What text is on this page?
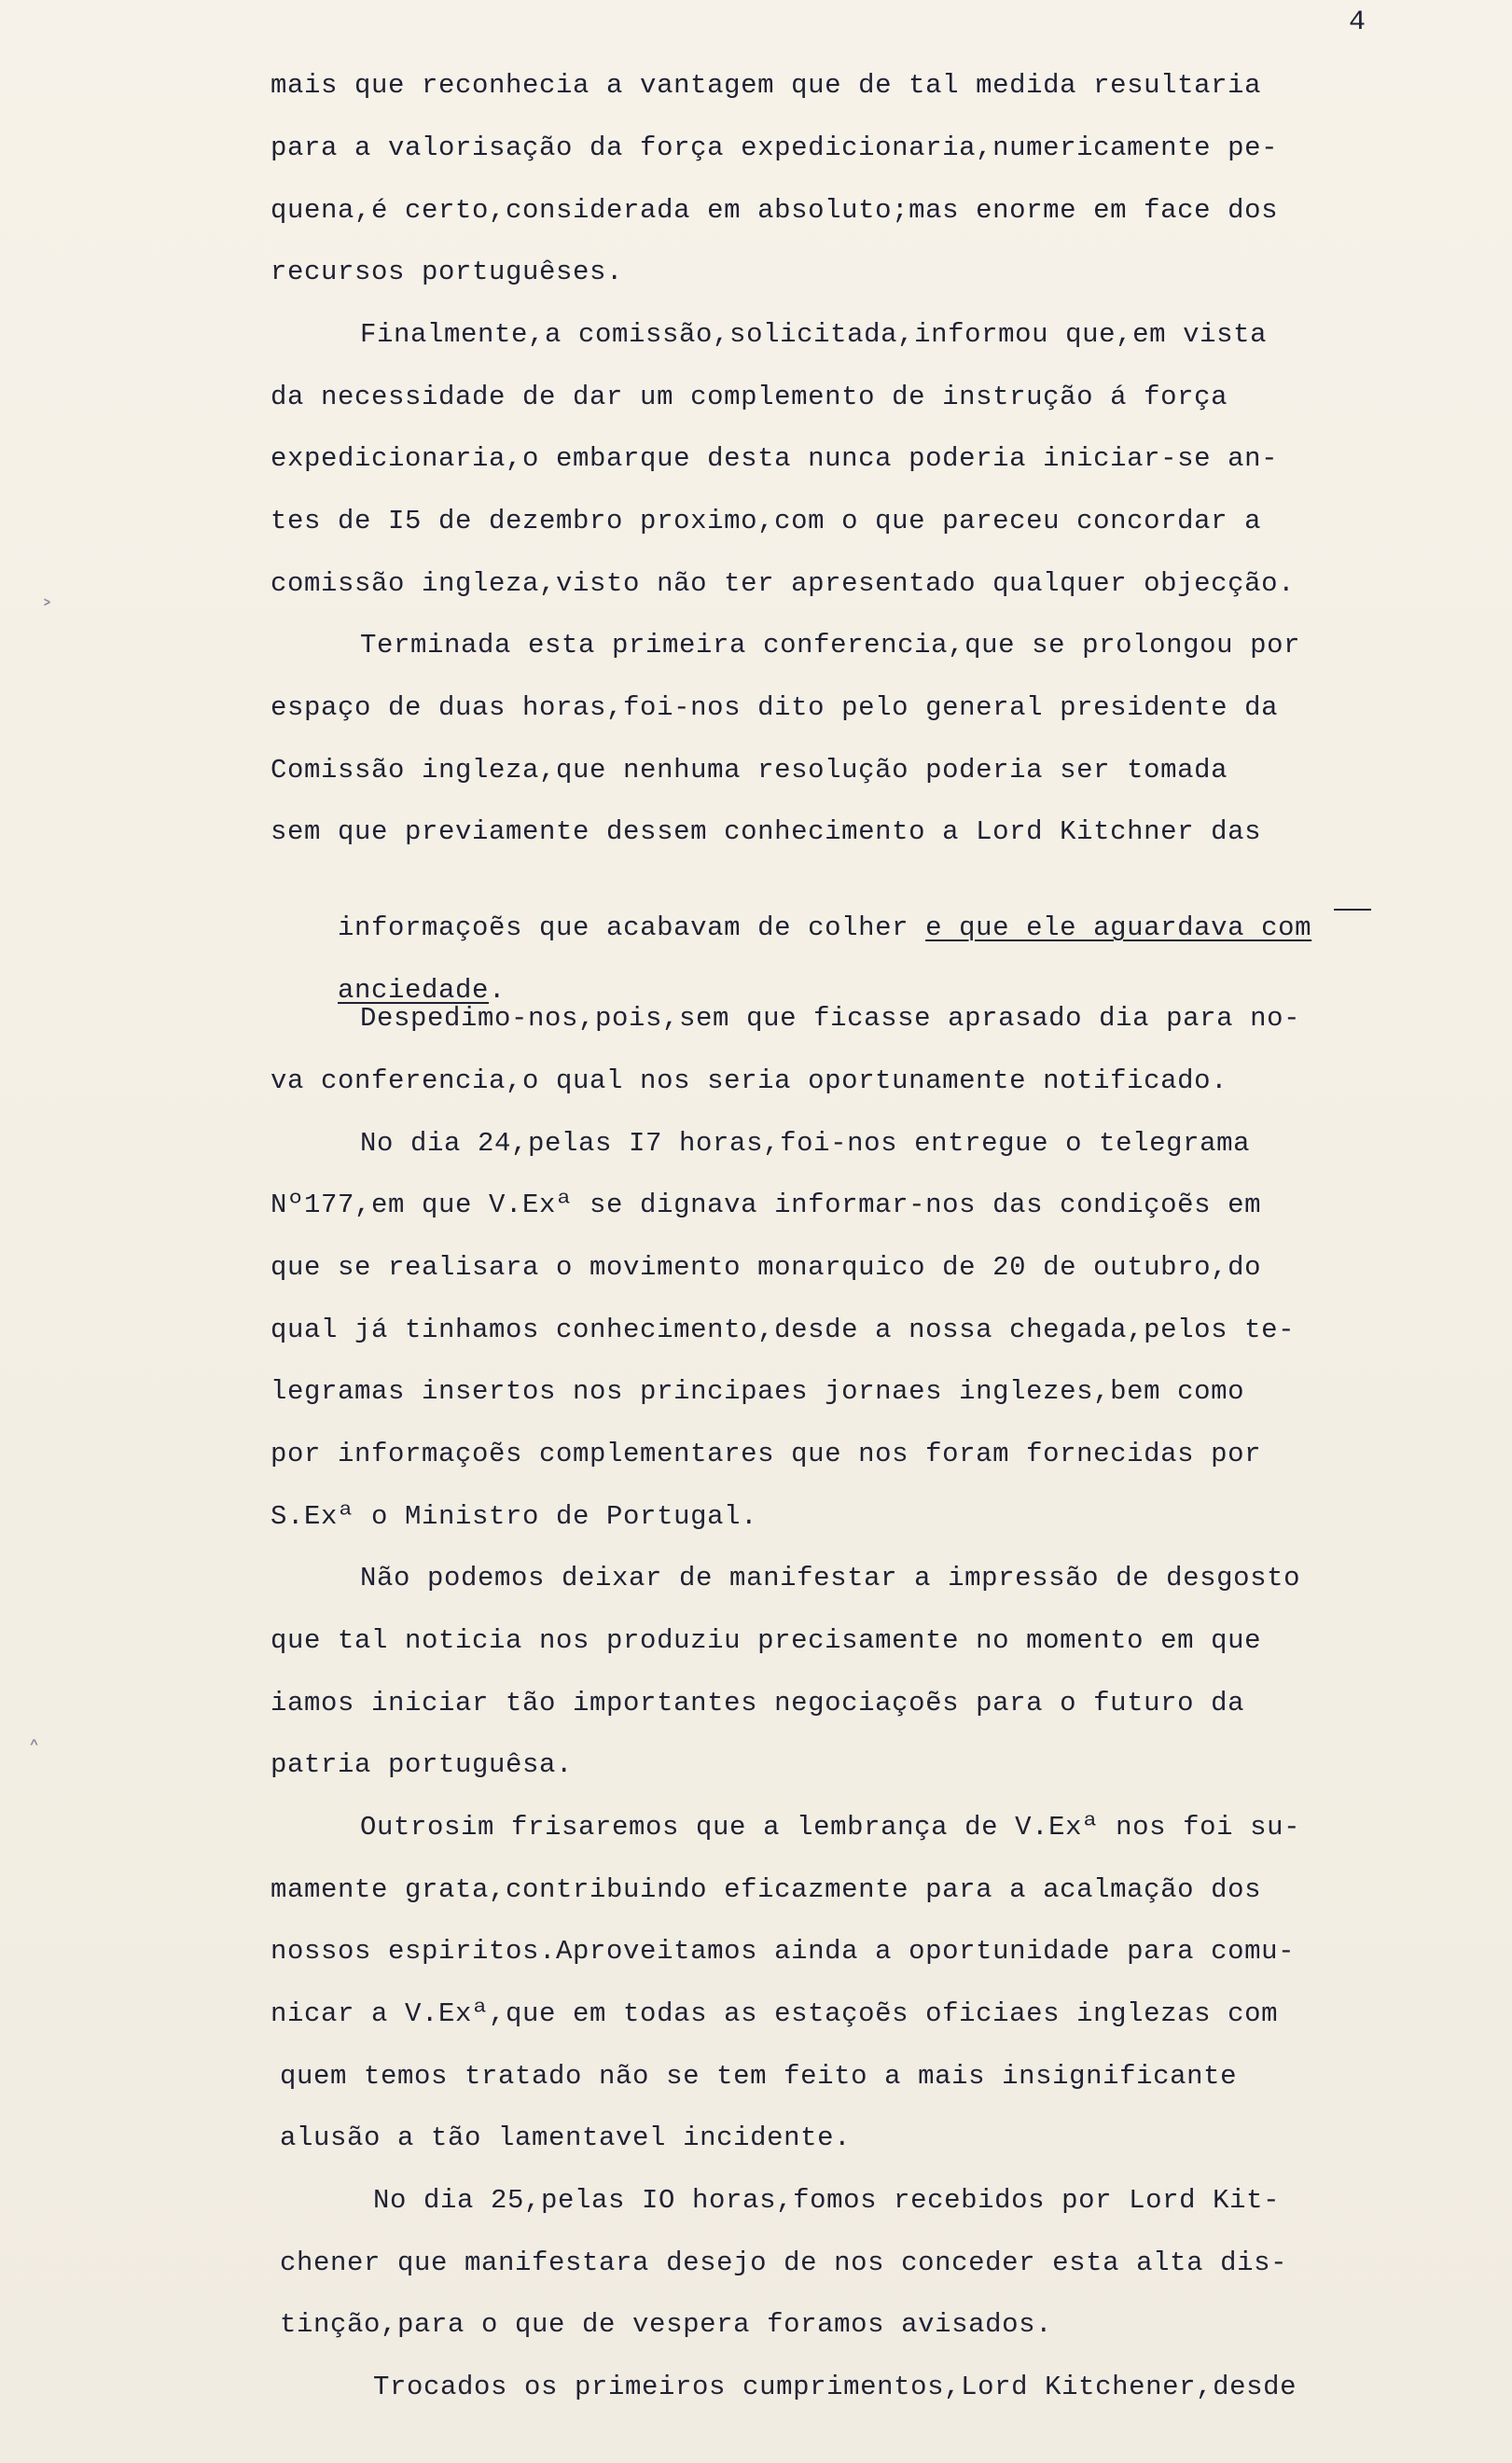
4
˃
˄
mais que reconhecia a vantagem que de tal medida resultaria
para a valorisação da força expedicionaria,numericamente pe-
quena,é certo,considerada em absoluto;mas enorme em face dos
recursos portuguêses.
Finalmente,a comissão,solicitada,informou que,em vista
da necessidade de dar um complemento de instrução á força
expedicionaria,o embarque desta nunca poderia iniciar-se an-
tes de I5 de dezembro proximo,com o que pareceu concordar a
comissão ingleza,visto não ter apresentado qualquer objecção.
Terminada esta primeira conferencia,que se prolongou por
espaço de duas horas,foi-nos dito pelo general presidente da
Comissão ingleza,que nenhuma resolução poderia ser tomada
sem que previamente dessem conhecimento a Lord Kitchner das

informaçoẽs que acabavam de colher e que ele aguardava com

anciedade.

Despedimo-nos,pois,sem que ficasse aprasado dia para no-
va conferencia,o qual nos seria oportunamente notificado.
No dia 24,pelas I7 horas,foi-nos entregue o telegrama
Nº177,em que V.Exª se dignava informar-nos das condiçoẽs em
que se realisara o movimento monarquico de 20 de outubro,do
qual já tinhamos conhecimento,desde a nossa chegada,pelos te-
legramas insertos nos principaes jornaes inglezes,bem como
por informaçoẽs complementares que nos foram fornecidas por
S.Exª o Ministro de Portugal.
Não podemos deixar de manifestar a impressão de desgosto
que tal noticia nos produziu precisamente no momento em que
iamos iniciar tão importantes negociaçoẽs para o futuro da
patria portuguêsa.
Outrosim frisaremos que a lembrança de V.Exª nos foi su-
mamente grata,contribuindo eficazmente para a acalmação dos
nossos espiritos.Aproveitamos ainda a oportunidade para comu-
nicar a V.Exª,que em todas as estaçoẽs oficiaes inglezas com
quem temos tratado não se tem feito a mais insignificante
alusão a tão lamentavel incidente.
No dia 25,pelas IO horas,fomos recebidos por Lord Kit-
chener que manifestara desejo de nos conceder esta alta dis-
tinção,para o que de vespera foramos avisados.
Trocados os primeiros cumprimentos,Lord Kitchener,desde
